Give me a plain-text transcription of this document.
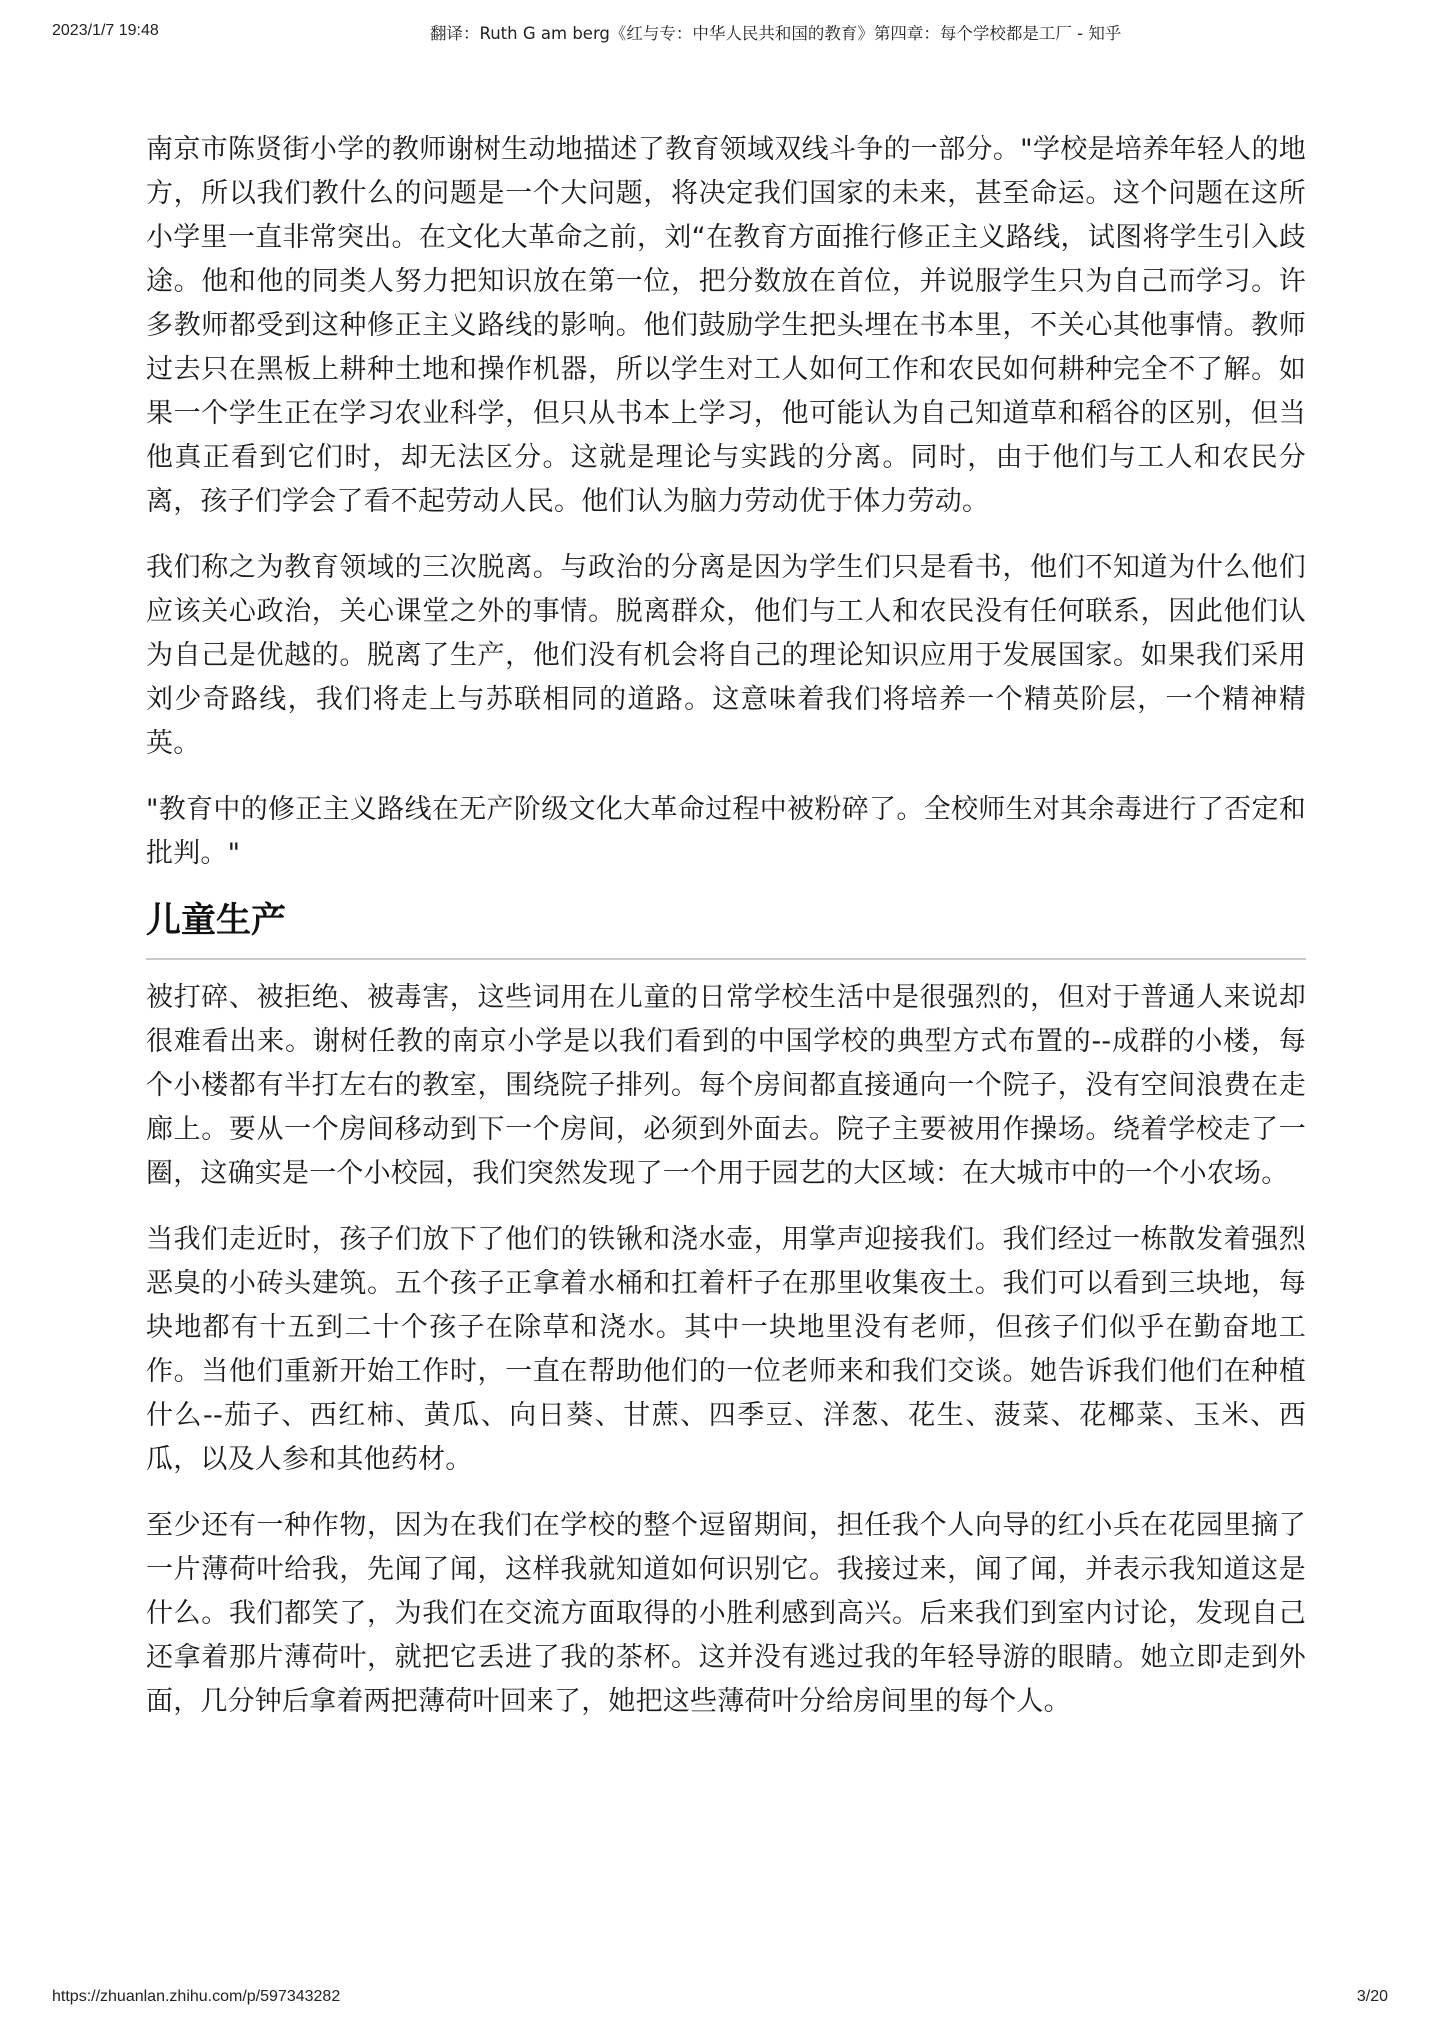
2023/1/7 19:48	翻译：Ruth G am berg《红与专：中华人民共和国的教育》第四章：每个学校都是工厂 - 知乎

南京市陈贤街小学的教师谢树生动地描述了教育领域双线斗争的一部分。"学校是培养年轻人的地方，所以我们教什么的问题是一个大问题，将决定我们国家的未来，甚至命运。这个问题在这所小学里一直非常突出。在文化大革命之前，刘“在教育方面推行修正主义路线，试图将学生引入歧途。他和他的同类人努力把知识放在第一位，把分数放在首位，并说服学生只为自己而学习。许多教师都受到这种修正主义路线的影响。他们鼓励学生把头埋在书本里，不关心其他事情。教师过去只在黑板上耕种土地和操作机器，所以学生对工人如何工作和农民如何耕种完全不了解。如果一个学生正在学习农业科学，但只从书本上学习，他可能认为自己知道草和稻谷的区别，但当他真正看到它们时，却无法区分。这就是理论与实践的分离。同时，由于他们与工人和农民分离，孩子们学会了看不起劳动人民。他们认为脑力劳动优于体力劳动。

我们称之为教育领域的三次脱离。与政治的分离是因为学生们只是看书，他们不知道为什么他们应该关心政治，关心课堂之外的事情。脱离群众，他们与工人和农民没有任何联系，因此他们认为自己是优越的。脱离了生产，他们没有机会将自己的理论知识应用于发展国家。如果我们采用刘少奇路线，我们将走上与苏联相同的道路。这意味着我们将培养一个精英阶层，一个精神精英。

"教育中的修正主义路线在无产阶级文化大革命过程中被粉碎了。全校师生对其余毒进行了否定和批判。"

儿童生产

被打碎、被拒绝、被毒害，这些词用在儿童的日常学校生活中是很强烈的，但对于普通人来说却很难看出来。谢树任教的南京小学是以我们看到的中国学校的典型方式布置的--成群的小楼，每个小楼都有半打左右的教室，围绕院子排列。每个房间都直接通向一个院子，没有空间浪费在走廊上。要从一个房间移动到下一个房间，必须到外面去。院子主要被用作操场。绕着学校走了一圈，这确实是一个小校园，我们突然发现了一个用于园艺的大区域：在大城市中的一个小农场。

当我们走近时，孩子们放下了他们的铁锹和浇水壶，用掌声迎接我们。我们经过一栋散发着强烈恶臭的小砖头建筑。五个孩子正拿着水桶和扛着杆子在那里收集夜土。我们可以看到三块地，每块地都有十五到二十个孩子在除草和浇水。其中一块地里没有老师，但孩子们似乎在勤奋地工作。当他们重新开始工作时，一直在帮助他们的一位老师来和我们交谈。她告诉我们他们在种植什么--茄子、西红柿、黄瓜、向日葵、甘蔗、四季豆、洋葱、花生、菠菜、花椰菜、玉米、西瓜，以及人参和其他药材。

至少还有一种作物，因为在我们在学校的整个逗留期间，担任我个人向导的红小兵在花园里摘了一片薄荷叶给我，先闻了闻，这样我就知道如何识别它。我接过来，闻了闻，并表示我知道这是什么。我们都笑了，为我们在交流方面取得的小胜利感到高兴。后来我们到室内讨论，发现自己还拿着那片薄荷叶，就把它丢进了我的茶杯。这并没有逃过我的年轻导游的眼睛。她立即走到外面，几分钟后拿着两把薄荷叶回来了，她把这些薄荷叶分给房间里的每个人。

https://zhuanlan.zhihu.com/p/597343282	3/20
